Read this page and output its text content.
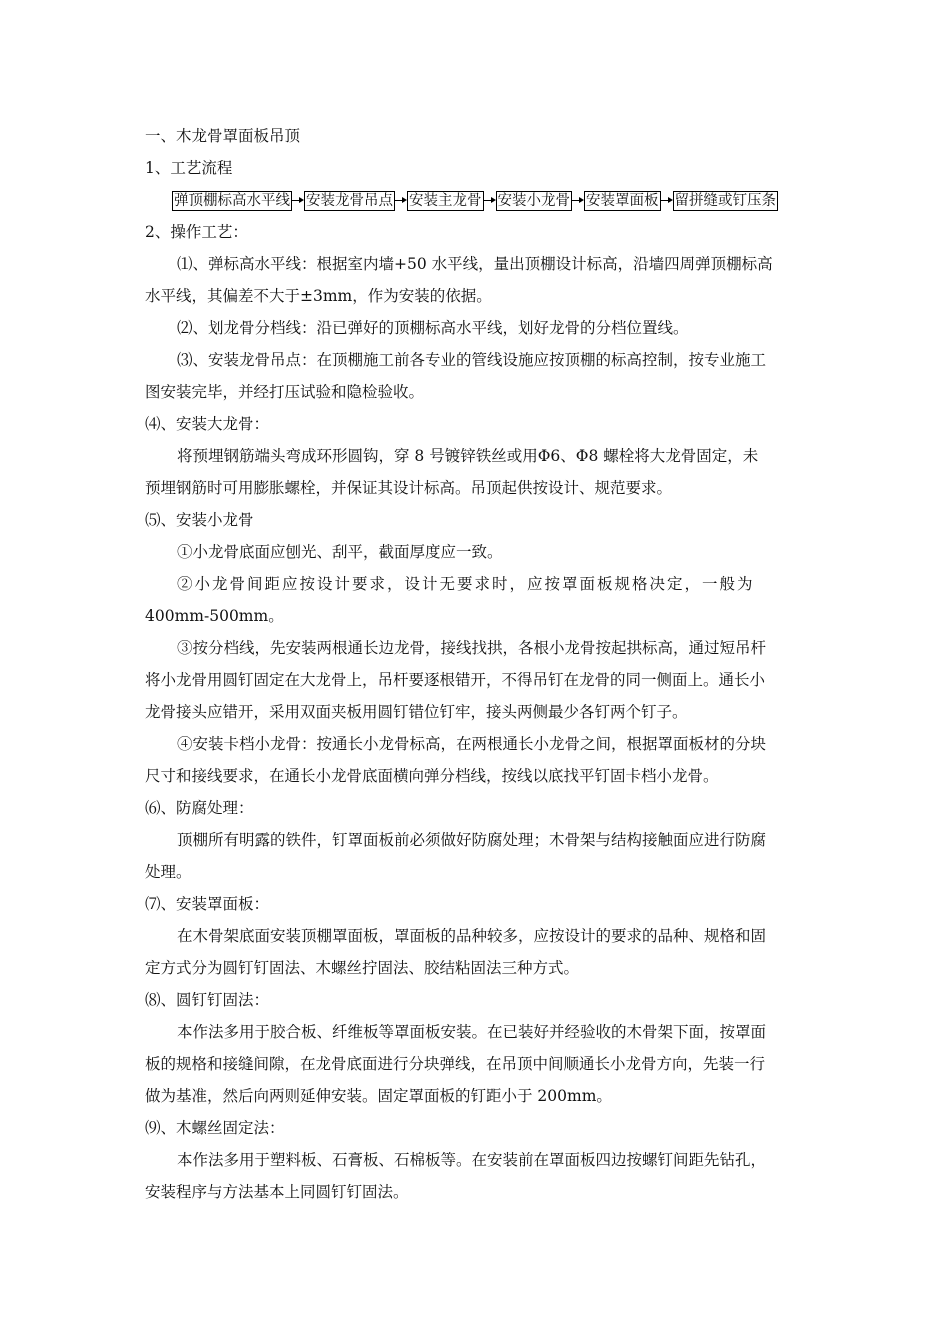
一、木龙骨罩面板吊顶
1、工艺流程
弹顶棚标高水平线 安装龙骨吊点 安装主龙骨 安装小龙骨 安装罩面板 留拼缝或钉压条
2、操作工艺：
⑴、弹标高水平线：根据室内墙+50 水平线，量出顶棚设计标高，沿墙四周弹顶棚标高
水平线，其偏差不大于±3mm，作为安装的依据。
⑵、划龙骨分档线：沿已弹好的顶棚标高水平线，划好龙骨的分档位置线。
⑶、安装龙骨吊点：在顶棚施工前各专业的管线设施应按顶棚的标高控制，按专业施工
图安装完毕，并经打压试验和隐检验收。
⑷、安装大龙骨：
将预埋钢筋端头弯成环形圆钩，穿 8 号镀锌铁丝或用Φ6、Φ8 螺栓将大龙骨固定，未
预埋钢筋时可用膨胀螺栓，并保证其设计标高。吊顶起供按设计、规范要求。
⑸、安装小龙骨
①小龙骨底面应刨光、刮平，截面厚度应一致。
②小龙骨间距应按设计要求，设计无要求时，应按罩面板规格决定，一般为
400mm-500mm。
③按分档线，先安装两根通长边龙骨，接线找拱，各根小龙骨按起拱标高，通过短吊杆
将小龙骨用圆钉固定在大龙骨上，吊杆要逐根错开，不得吊钉在龙骨的同一侧面上。通长小
龙骨接头应错开，采用双面夹板用圆钉错位钉牢，接头两侧最少各钉两个钉子。
④安装卡档小龙骨：按通长小龙骨标高，在两根通长小龙骨之间，根据罩面板材的分块
尺寸和接线要求，在通长小龙骨底面横向弹分档线，按线以底找平钉固卡档小龙骨。
⑹、防腐处理：
顶棚所有明露的铁件，钉罩面板前必须做好防腐处理；木骨架与结构接触面应进行防腐
处理。
⑺、安装罩面板：
在木骨架底面安装顶棚罩面板，罩面板的品种较多，应按设计的要求的品种、规格和固
定方式分为圆钉钉固法、木螺丝拧固法、胶结粘固法三种方式。
⑻、圆钉钉固法：
本作法多用于胶合板、纤维板等罩面板安装。在已装好并经验收的木骨架下面，按罩面
板的规格和接缝间隙，在龙骨底面进行分块弹线，在吊顶中间顺通长小龙骨方向，先装一行
做为基准，然后向两则延伸安装。固定罩面板的钉距小于 200mm。
⑼、木螺丝固定法：
本作法多用于塑料板、石膏板、石棉板等。在安装前在罩面板四边按螺钉间距先钻孔，
安装程序与方法基本上同圆钉钉固法。
